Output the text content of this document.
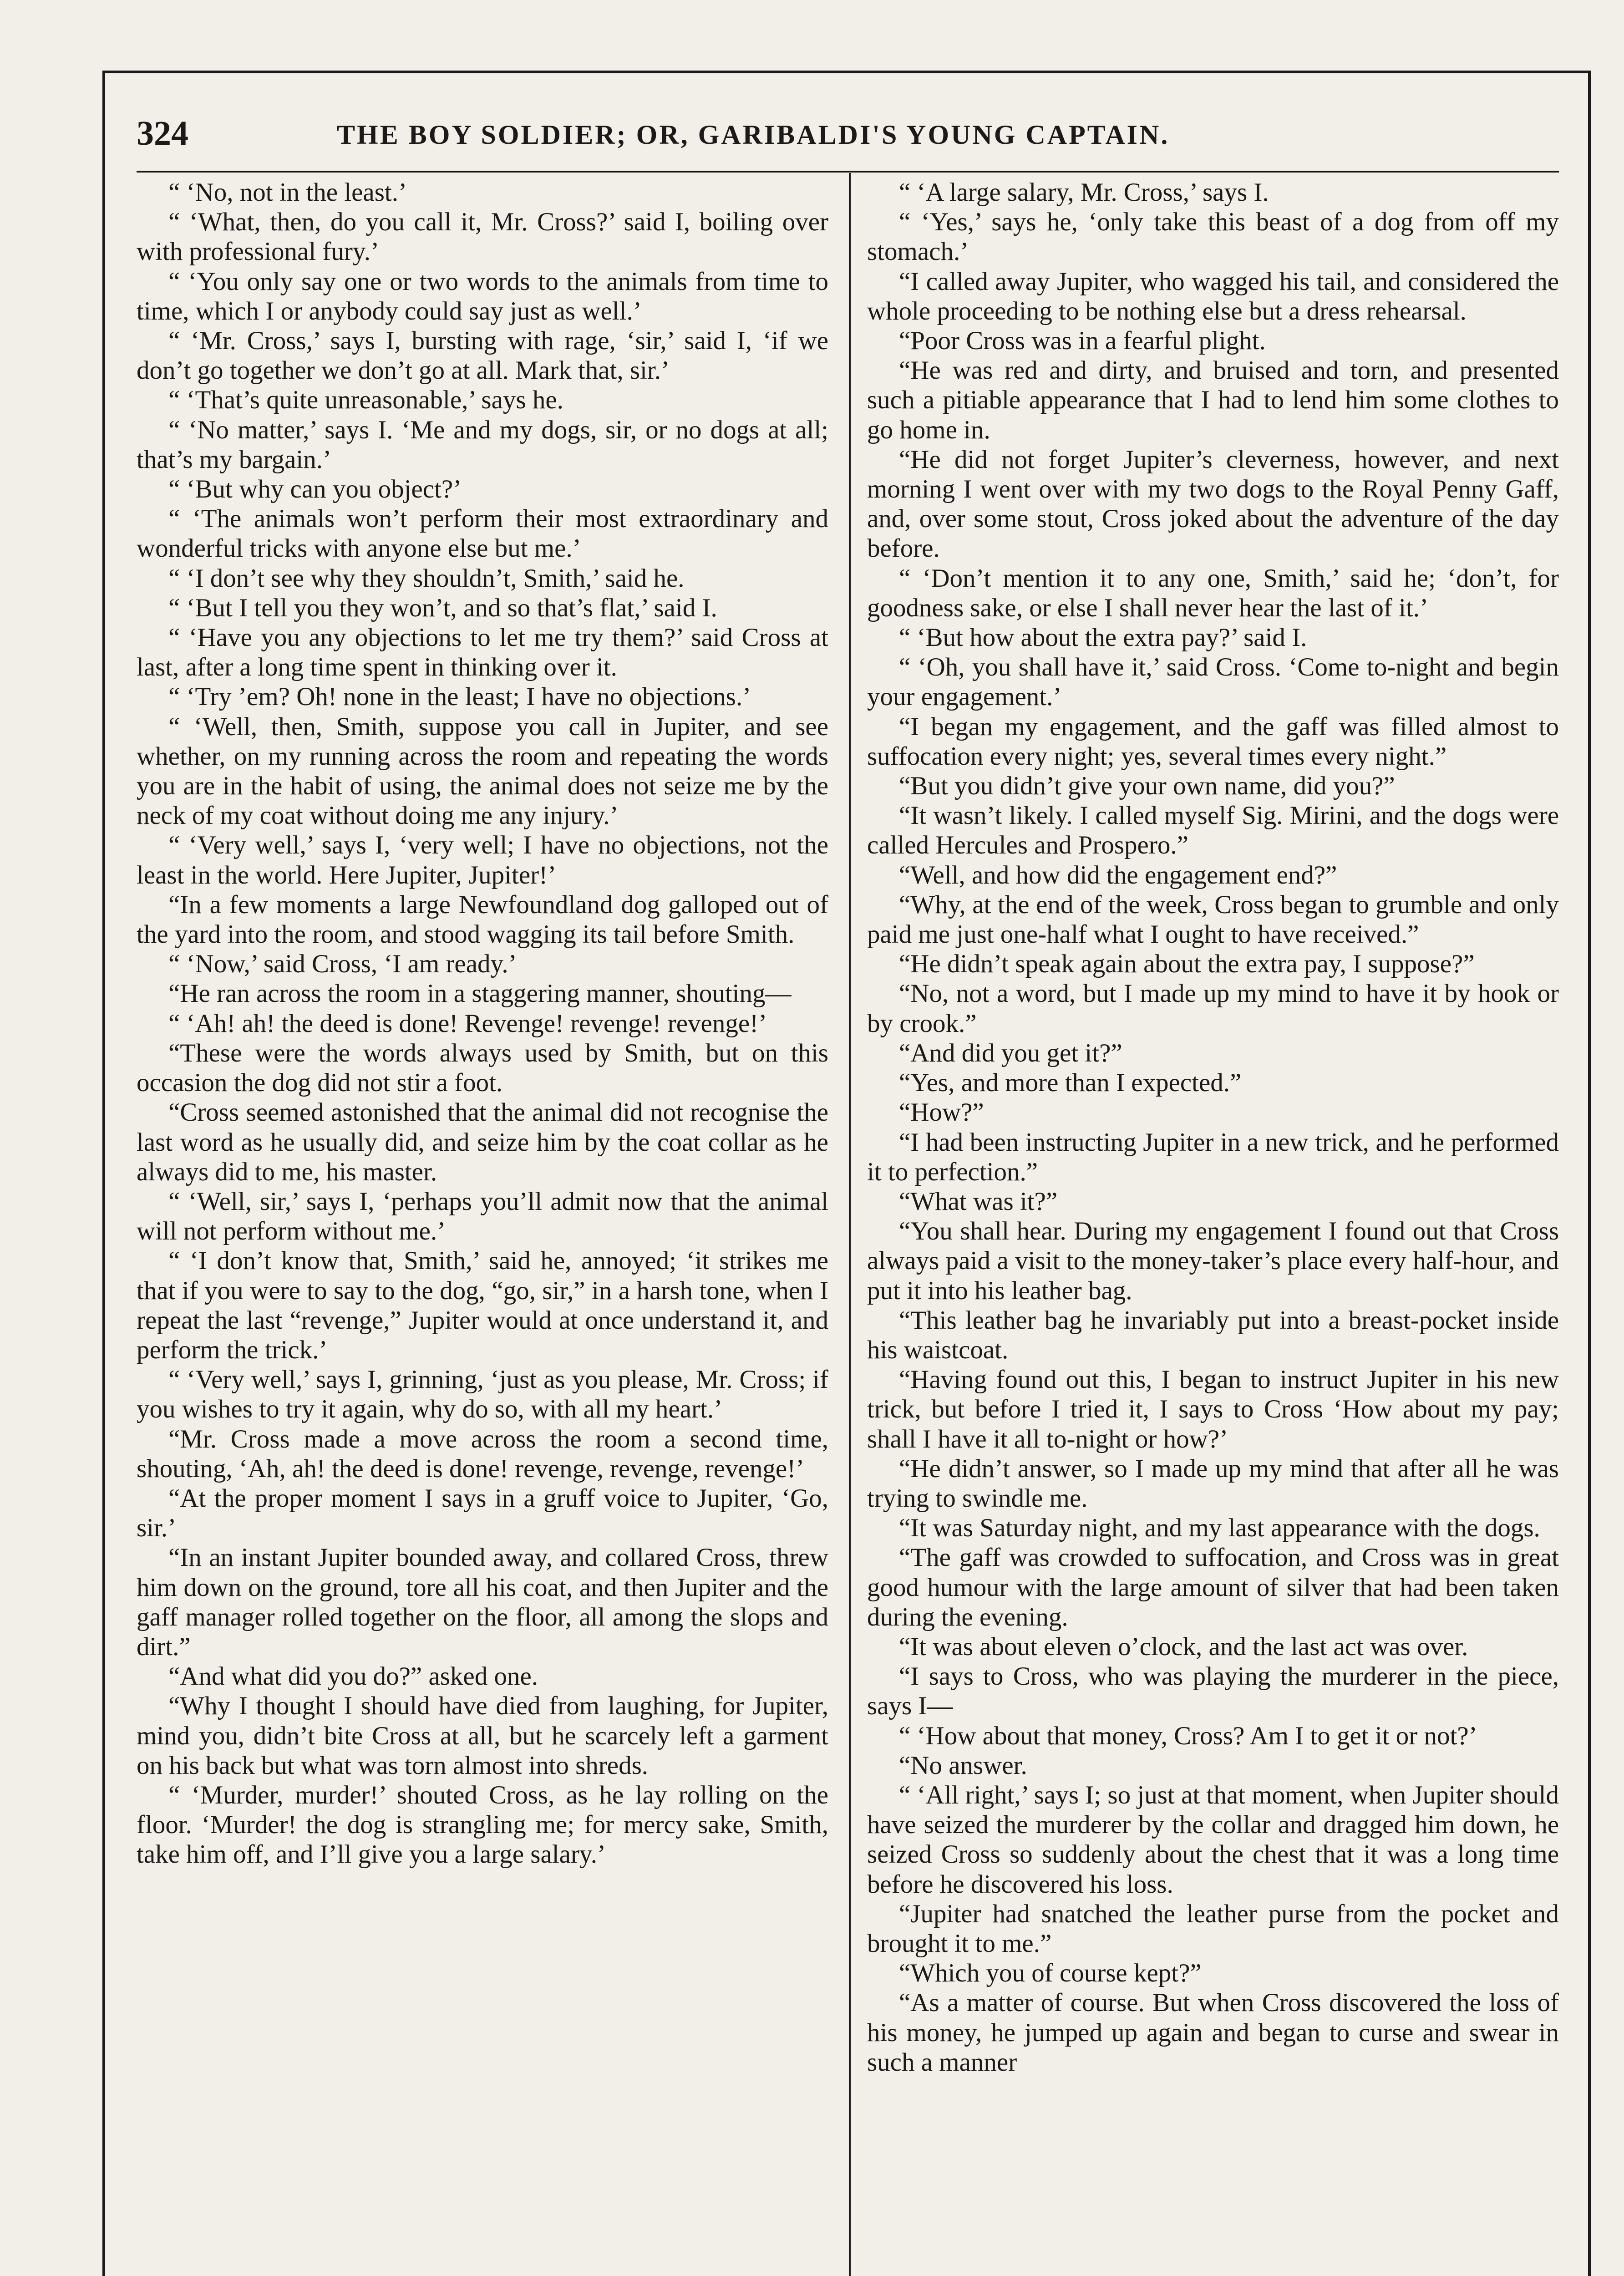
324	THE BOY SOLDIER; OR, GARIBALDI'S YOUNG CAPTAIN.

“ ‘No, not in the least.’

“ ‘What, then, do you call it, Mr. Cross?’ said I, boiling over with professional fury.’

“ ‘You only say one or two words to the animals from time to time, which I or anybody could say just as well.’

“ ‘Mr. Cross,’ says I, bursting with rage, ‘sir,’ said I, ‘if we don’t go together we don’t go at all. Mark that, sir.’

“ ‘That’s quite unreasonable,’ says he.

“ ‘No matter,’ says I. ‘Me and my dogs, sir, or no dogs at all; that’s my bargain.’

“ ‘But why can you object?’

“ ‘The animals won’t perform their most extraordinary and wonderful tricks with anyone else but me.’

“ ‘I don’t see why they shouldn’t, Smith,’ said he.

“ ‘But I tell you they won’t, and so that’s flat,’ said I.

“ ‘Have you any objections to let me try them?’ said Cross at last, after a long time spent in thinking over it.

“ ‘Try ’em? Oh! none in the least; I have no objections.’

“ ‘Well, then, Smith, suppose you call in Jupiter, and see whether, on my running across the room and repeating the words you are in the habit of using, the animal does not seize me by the neck of my coat without doing me any injury.’

“ ‘Very well,’ says I, ‘very well; I have no objections, not the least in the world. Here Jupiter, Jupiter!’

“In a few moments a large Newfoundland dog galloped out of the yard into the room, and stood wagging its tail before Smith.

“ ‘Now,’ said Cross, ‘I am ready.’

“He ran across the room in a staggering manner, shouting—

“ ‘Ah! ah! the deed is done! Revenge! revenge! revenge!’

“These were the words always used by Smith, but on this occasion the dog did not stir a foot.

“Cross seemed astonished that the animal did not recognise the last word as he usually did, and seize him by the coat collar as he always did to me, his master.

“ ‘Well, sir,’ says I, ‘perhaps you’ll admit now that the animal will not perform without me.’

“ ‘I don’t know that, Smith,’ said he, annoyed; ‘it strikes me that if you were to say to the dog, “go, sir,” in a harsh tone, when I repeat the last “revenge,” Jupiter would at once understand it, and perform the trick.’

“ ‘Very well,’ says I, grinning, ‘just as you please, Mr. Cross; if you wishes to try it again, why do so, with all my heart.’

“Mr. Cross made a move across the room a second time, shouting, ‘Ah, ah! the deed is done! revenge, revenge, revenge!’

“At the proper moment I says in a gruff voice to Jupiter, ‘Go, sir.’

“In an instant Jupiter bounded away, and collared Cross, threw him down on the ground, tore all his coat, and then Jupiter and the gaff manager rolled together on the floor, all among the slops and dirt.”

“And what did you do?” asked one.

“Why I thought I should have died from laughing, for Jupiter, mind you, didn’t bite Cross at all, but he scarcely left a garment on his back but what was torn almost into shreds.

“ ‘Murder, murder!’ shouted Cross, as he lay rolling on the floor. ‘Murder! the dog is strangling me; for mercy sake, Smith, take him off, and I’ll give you a large salary.’

“ ‘A large salary, Mr. Cross,’ says I.

“ ‘Yes,’ says he, ‘only take this beast of a dog from off my stomach.’

“I called away Jupiter, who wagged his tail, and considered the whole proceeding to be nothing else but a dress rehearsal.

“Poor Cross was in a fearful plight.

“He was red and dirty, and bruised and torn, and presented such a pitiable appearance that I had to lend him some clothes to go home in.

“He did not forget Jupiter’s cleverness, however, and next morning I went over with my two dogs to the Royal Penny Gaff, and, over some stout, Cross joked about the adventure of the day before.

“ ‘Don’t mention it to any one, Smith,’ said he; ‘don’t, for goodness sake, or else I shall never hear the last of it.’

“ ‘But how about the extra pay?’ said I.

“ ‘Oh, you shall have it,’ said Cross. ‘Come to-night and begin your engagement.’

“I began my engagement, and the gaff was filled almost to suffocation every night; yes, several times every night.”

“But you didn’t give your own name, did you?”

“It wasn’t likely. I called myself Sig. Mirini, and the dogs were called Hercules and Prospero.”

“Well, and how did the engagement end?”

“Why, at the end of the week, Cross began to grumble and only paid me just one-half what I ought to have received.”

“He didn’t speak again about the extra pay, I suppose?”

“No, not a word, but I made up my mind to have it by hook or by crook.”

“And did you get it?”

“Yes, and more than I expected.”

“How?”

“I had been instructing Jupiter in a new trick, and he performed it to perfection.”

“What was it?”

“You shall hear. During my engagement I found out that Cross always paid a visit to the money-taker’s place every half-hour, and put it into his leather bag.

“This leather bag he invariably put into a breast-pocket inside his waistcoat.

“Having found out this, I began to instruct Jupiter in his new trick, but before I tried it, I says to Cross ‘How about my pay; shall I have it all to-night or how?’

“He didn’t answer, so I made up my mind that after all he was trying to swindle me.

“It was Saturday night, and my last appearance with the dogs.

“The gaff was crowded to suffocation, and Cross was in great good humour with the large amount of silver that had been taken during the evening.

“It was about eleven o’clock, and the last act was over.

“I says to Cross, who was playing the murderer in the piece, says I—

“ ‘How about that money, Cross? Am I to get it or not?’

“No answer.

“ ‘All right,’ says I; so just at that moment, when Jupiter should have seized the murderer by the collar and dragged him down, he seized Cross so suddenly about the chest that it was a long time before he discovered his loss.

“Jupiter had snatched the leather purse from the pocket and brought it to me.”

“Which you of course kept?”

“As a matter of course. But when Cross discovered the loss of his money, he jumped up again and began to curse and swear in such a manner
